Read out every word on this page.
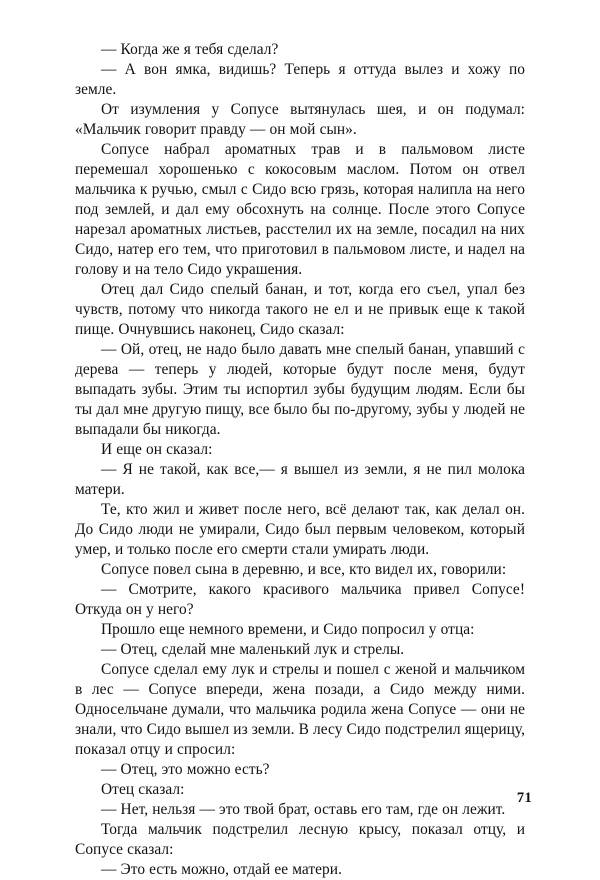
— Когда же я тебя сделал?

— А вон ямка, видишь? Теперь я оттуда вылез и хожу по земле.

От изумления у Сопусе вытянулась шея, и он подумал: «Мальчик говорит правду — он мой сын».

Сопусе набрал ароматных трав и в пальмовом листе перемешал хорошенько с кокосовым маслом. Потом он отвел мальчика к ручью, смыл с Сидо всю грязь, которая налипла на него под землей, и дал ему обсохнуть на солнце. После этого Сопусе нарезал ароматных листьев, расстелил их на земле, посадил на них Сидо, натер его тем, что приготовил в пальмовом листе, и надел на голову и на тело Сидо украшения.

Отец дал Сидо спелый банан, и тот, когда его съел, упал без чувств, потому что никогда такого не ел и не привык еще к такой пище. Очнувшись наконец, Сидо сказал:

— Ой, отец, не надо было давать мне спелый банан, упавший с дерева — теперь у людей, которые будут после меня, будут выпадать зубы. Этим ты испортил зубы будущим людям. Если бы ты дал мне другую пищу, все было бы по-другому, зубы у людей не выпадали бы никогда.

И еще он сказал:

— Я не такой, как все,— я вышел из земли, я не пил молока матери.

Те, кто жил и живет после него, всё делают так, как делал он. До Сидо люди не умирали, Сидо был первым человеком, который умер, и только после его смерти стали умирать люди.

Сопусе повел сына в деревню, и все, кто видел их, говорили:

— Смотрите, какого красивого мальчика привел Сопусе! Откуда он у него?

Прошло еще немного времени, и Сидо попросил у отца:

— Отец, сделай мне маленький лук и стрелы.

Сопусе сделал ему лук и стрелы и пошел с женой и мальчиком в лес — Сопусе впереди, жена позади, а Сидо между ними. Односельчане думали, что мальчика родила жена Сопусе — они не знали, что Сидо вышел из земли. В лесу Сидо подстрелил ящерицу, показал отцу и спросил:

— Отец, это можно есть?

Отец сказал:

— Нет, нельзя — это твой брат, оставь его там, где он лежит.

Тогда мальчик подстрелил лесную крысу, показал отцу, и Сопусе сказал:

— Это есть можно, отдай ее матери.

71
